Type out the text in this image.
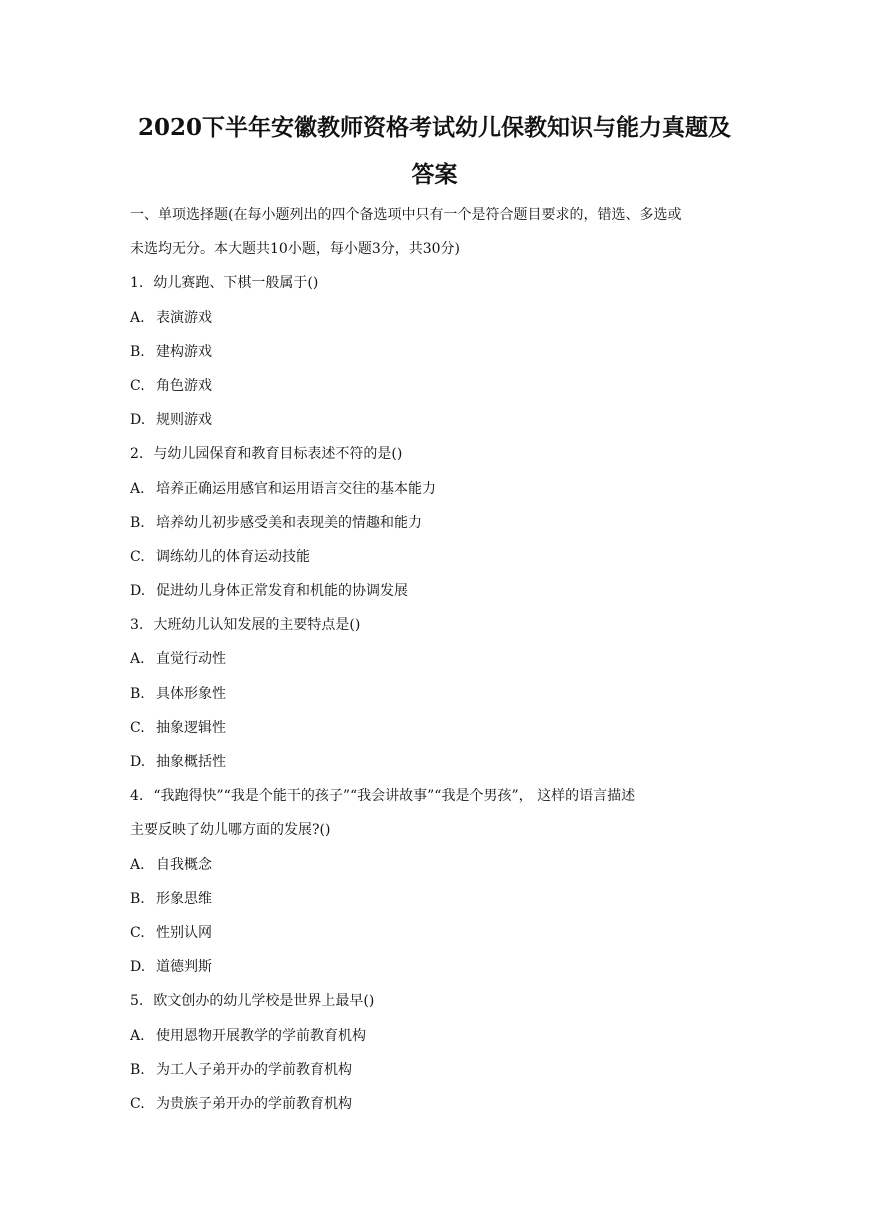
2020下半年安徽教师资格考试幼儿保教知识与能力真题及
答案
一、单项选择题(在每小题列出的四个备选项中只有一个是符合题目要求的，错选、多选或
未选均无分。本大题共10小题，每小题3分，共30分)
1. 幼儿赛跑、下棋一般属于()
A. 表演游戏
B. 建构游戏
C. 角色游戏
D. 规则游戏
2. 与幼儿园保育和教育目标表述不符的是()
A. 培养正确运用感官和运用语言交往的基本能力
B. 培养幼儿初步感受美和表现美的情趣和能力
C. 调练幼儿的体育运动技能
D. 促进幼儿身体正常发育和机能的协调发展
3. 大班幼儿认知发展的主要特点是()
A. 直觉行动性
B. 具体形象性
C. 抽象逻辑性
D. 抽象概括性
4. “我跑得快”“我是个能干的孩子”“我会讲故事”“我是个男孩”， 这样的语言描述
主要反映了幼儿哪方面的发展?()
A. 自我概念
B. 形象思维
C. 性别认网
D. 道德判斯
5. 欧文创办的幼儿学校是世界上最早()
A. 使用恩物开展教学的学前教育机构
B. 为工人子弟开办的学前教育机构
C. 为贵族子弟开办的学前教育机构
